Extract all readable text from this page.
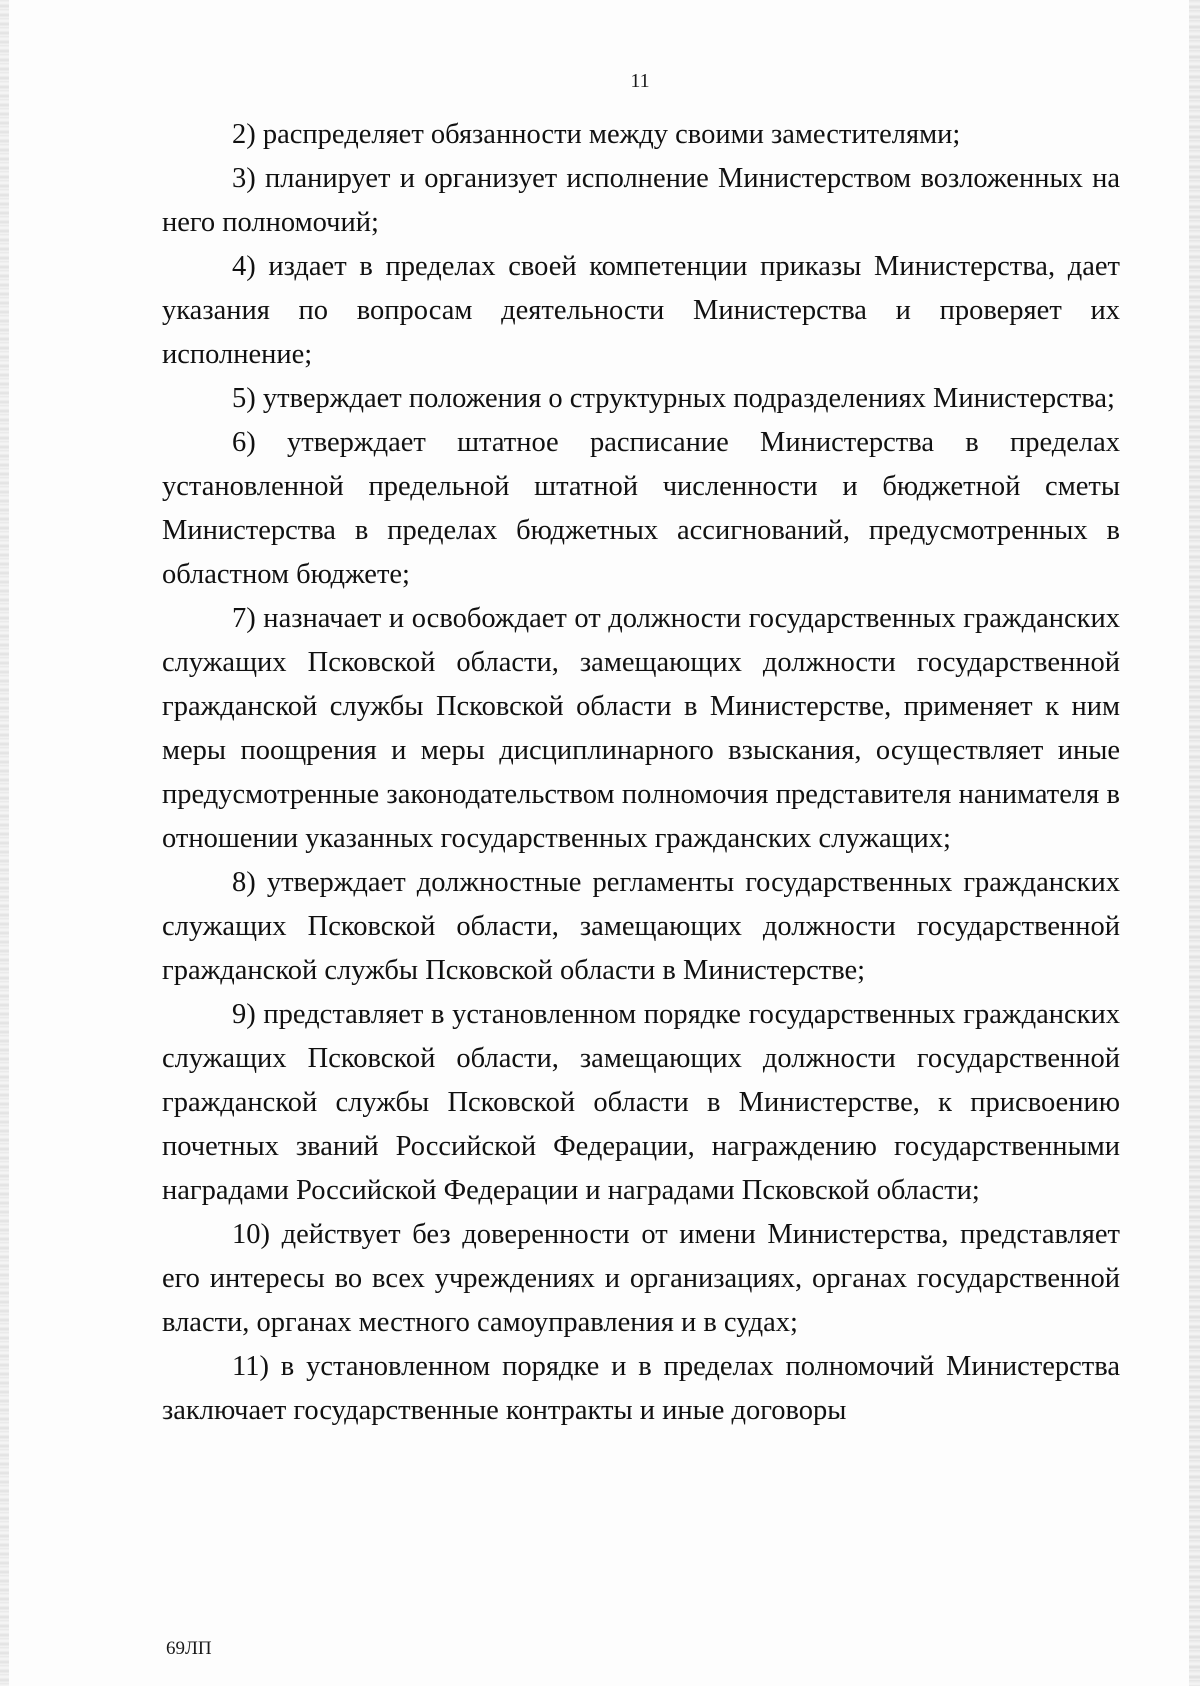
11

2) распределяет обязанности между своими заместителями;

3) планирует и организует исполнение Министерством возложенных на него полномочий;

4) издает в пределах своей компетенции приказы Министерства, дает указания по вопросам деятельности Министерства и проверяет их исполнение;

5) утверждает положения о структурных подразделениях Министерства;

6) утверждает штатное расписание Министерства в пределах установленной предельной штатной численности и бюджетной сметы Министерства в пределах бюджетных ассигнований, предусмотренных в областном бюджете;

7) назначает и освобождает от должности государственных гражданских служащих Псковской области, замещающих должности государственной гражданской службы Псковской области в Министерстве, применяет к ним меры поощрения и меры дисциплинарного взыскания, осуществляет иные предусмотренные законодательством полномочия представителя нанимателя в отношении указанных государственных гражданских служащих;

8) утверждает должностные регламенты государственных гражданских служащих Псковской области, замещающих должности государственной гражданской службы Псковской области в Министерстве;

9) представляет в установленном порядке государственных гражданских служащих Псковской области, замещающих должности государственной гражданской службы Псковской области в Министерстве, к присвоению почетных званий Российской Федерации, награждению государственными наградами Российской Федерации и наградами Псковской области;

10) действует без доверенности от имени Министерства, представляет его интересы во всех учреждениях и организациях, органах государственной власти, органах местного самоуправления и в судах;

11) в установленном порядке и в пределах полномочий Министерства заключает государственные контракты и иные договоры

69ЛП
